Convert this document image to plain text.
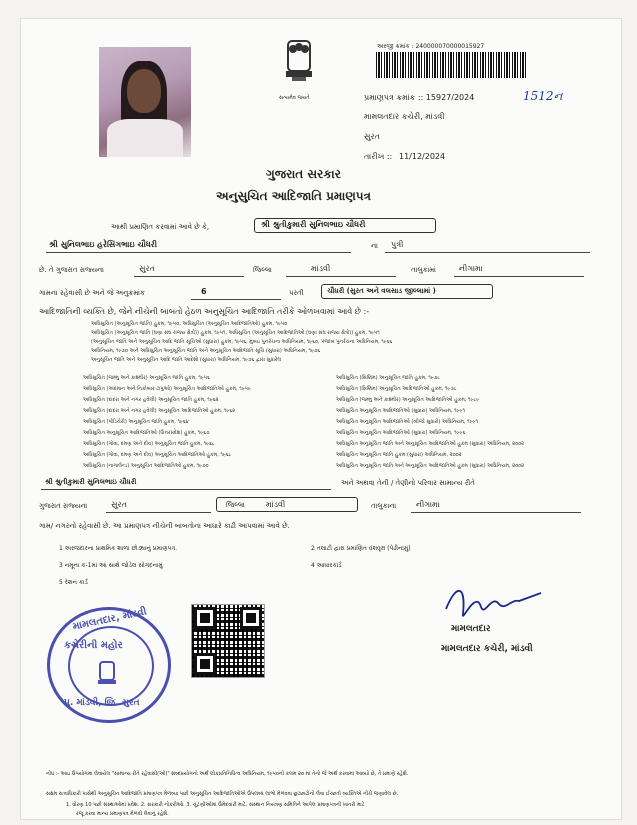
સત્યમેવ જયતે
અરજી ક્રમાંક : 240000070000015927
પ્રમાણપત્ર ક્રમાંક :: 15927/2024	1512ન
મામલતદાર કચેરી, માંડવી
સુરત
તારીખ :: 11/12/2024
ગુજરાત સરકાર
અનુસુચિત આદિજાતિ પ્રમાણપત્ર
આથી પ્રમાણિત કરવામાં આવે છે કે,	શ્રી શ્રુતીકુમારી સુનિલભાઇ ચૌધરી
શ્રી સુનિલભાઇ હરેસિંગભાઇ ચૌધરી	ના પુત્રી
છે. તે ગુજરાત રાજ્યના	સુરત	જિલ્લા	માંડવી	તાલુકામાં	નીગામા
ગામના રહેવાસી છે અને જે અનુક્રમાંક	6	પરતી	ચૌધરી (સુરત અને વલસાડ જીલ્લામાં )
આદિજાતિની વ્યક્તિ છે, જેને નીચેની બાબતો હેઠળ અનુસૂચિત આદિજાતિ તરીકે ઓળખવામાં આવે છે :-
અધિસુચિત (અનુસૂચિત જાતિ) હુકમ, ૧૯૫૦, અધિસુચિત (અનુસૂચિત આદિજાતિઓ) હુકમ, ૧૯૫૦
અધિસુચિત (અનુસૂચિત જાતિ (ઘણા સંઘ રાજ્ય ક્ષેત્રો)) હુકમ, ૧૯૫૧, અધિસુચિત (અનુસૂચિત આદિજાતિઓ (ઘણા સંઘ રાજ્ય ક્ષેત્રો)) હુકમ, ૧૯૫૧
(અનુસૂચિત જાતિ અને અનુસૂચિત આદિ જાતિ સૂચિઓ (સુધારા) હુકમ, ૧૯૫૬, મુંબઇ પુનર્રચના અધિનિયમ, ૧૯૬૦, પંજાબ પુનર્રચના અધિનિયમ, ૧૯૬૬
અધિનિયમ, ૧૯૭૦ અને અધિસુચિત અનુસૂચિત જાતિ અને અનુસૂચિત આદિજાતિ સૂચિ (સુધારા) અધિનિયમ, ૧૯૭૬
અનુસૂચિત જાતિ અને અનુસૂચિત આદિ જાતિ આદેશો (સુધારા) અધિનિયમ, ૧૯૭૬ દ્વારા સુધારેલ
અધિસુચિત (જમ્મુ અને કાશ્મીર) અનુસૂચિત જાતિ હુકમ, ૧૯૫૬
અધિસુચિત (અંદમાન અને નિકોબાર ટાપુઓ) અનુસૂચિત આદિજાતિઓ હુકમ, ૧૯૫૯
અધિસુચિત (દાદરા અને નગર હવેલી) અનુસૂચિત જાતિ હુકમ, ૧૯૬૨
અધિસુચિત (દાદરા અને નગર હવેલી) અનુસૂચિત આદિજાતિઓ હુકમ, ૧૯૬૨
અધિસુચિત (પોંડિચેરી) અનુસૂચિત જાતિ હુકમ, ૧૯૬૪
અધિસુચિત અનુસૂચિત આદિજાતિઓ (ઉત્તરપ્રદેશ) હુકમ, ૧૯૬૭
અધિસુચિત (ગોવા, દમણ અને દીવ) અનુસૂચિત જાતિ હુકમ, ૧૯૬૮
અધિસુચિત (ગોવા, દમણ અને દીવ) અનુસૂચિત આદિજાતિઓ હુકમ, ૧૯૬૮
અધિસુચિત (નાગાલેન્ડ) અનુસૂચિત આદિજાતિઓ હુકમ, ૧૯૭૦
અધિસુચિત (સિક્કિમ) અનુસૂચિત જાતિ હુકમ, ૧૯૭૮
અધિસુચિત (સિક્કિમ) અનુસૂચિત આદિજાતિઓ હુકમ, ૧૯૭૮
અધિસુચિત (જમ્મુ અને કાશ્મીર) અનુસૂચિત આદિજાતિઓ હુકમ, ૧૯૮૯
અધિસુચિત અનુસૂચિત આદિજાતિઓ (સુધારા) અધિનિયમ, ૧૯૯૧
અધિસુચિત અનુસૂચિત આદિજાતિઓ (બીજો સુધારો) અધિનિયમ, ૧૯૯૧
અધિસુચિત અનુસૂચિત આદિજાતિઓ (સુધારા) અધિનિયમ, ૧૯૯૬
અધિસુચિત અનુસૂચિત જાતિ અને અનુસૂચિત આદિજાતિઓ હુકમ (સુધારા) અધિનિયમ, ૨૦૦૨
અધિસુચિત અનુસૂચિત જાતિ હુકમ (સુધારા) અધિનિયમ, ૨૦૦૨
અધિસુચિત અનુસૂચિત જાતિ અને અનુસૂચિત આદિજાતિઓ હુકમ (સુધારા) અધિનિયમ, ૨૦૦૨
શ્રી શ્રુતીકુમારી સુનિલભાઇ ચૌધરી	અને અથવા તેની / તેણીનો પરિવાર સામાન્ય રીતે
ગુજરાત રાજ્યના	સુરત	જિલ્લા	માંડવી	તાલુકાના નીગામા
ગામ/ નગરનો રહેવાસી છે. આ પ્રમાણપત્ર નીચેની બાબતોના આધારે કાઢી આપવામાં આવે છે.
1 અરજદારના પ્રાથમિક શાળા છોડ્યાનું પ્રમાણપત્ર.	2 તલાટી દ્વારા પ્રમાણિત વંશવૃક્ષ (પેઢીનામું)
3 નમૂના ક-1માં આ સાથે જોડેલ સોગંદનામું	4 આધારકાર્ડ
5 રેશન કાર્ડ
મામલતદાર, માંડવી
કચેરીની મહોર
પુ. માંડવી, જિ. સુરત
મામલતદાર
મામલતદાર કચેરી, માંડવી
નોંધ :- આઇ ઉપયોગમાં લેવાયેલ "સામાન્ય રીતે રહેવાસી(ઓ)" શબ્દપ્રયોગનો અર્થ લોકપ્રતિનિધિત્વ અધિનિયમ, ૧૯૫૦ની કલમ ૨૦ માં તેનો જે અર્થ કરવામાં આવ્યો છે, તે પ્રમાણે રહેશે.
સક્ષમ સત્તાધિકારી પાસેથી અનુસૂચિત આદિજાતિ પ્રમાણપત્ર મેળવ્યા પછી અનુસૂચિત આદિજાતિઓએ ઉપલબ્ધ લાભો મેળવવા છુટછાટોનો લેવા ઈચ્છતી વ્યક્તિએ નીચે જણાવેલ છે.
1. ધોરણ 10 પછી સંસ્થાઓમાં પ્રવેશ. 2. સરકારી નોકરીઓ. 3. ચૂંટણીઓમાં ઉમેદવારી માટે. સંસ્થાન નિયંત્રણ સમિતિને આપેલ પ્રમાણપત્રની ખાતરી માટે
રજૂ કરવા માન્ય પ્રમાણપત્ર મેળવી લેવાનું રહેશે.
